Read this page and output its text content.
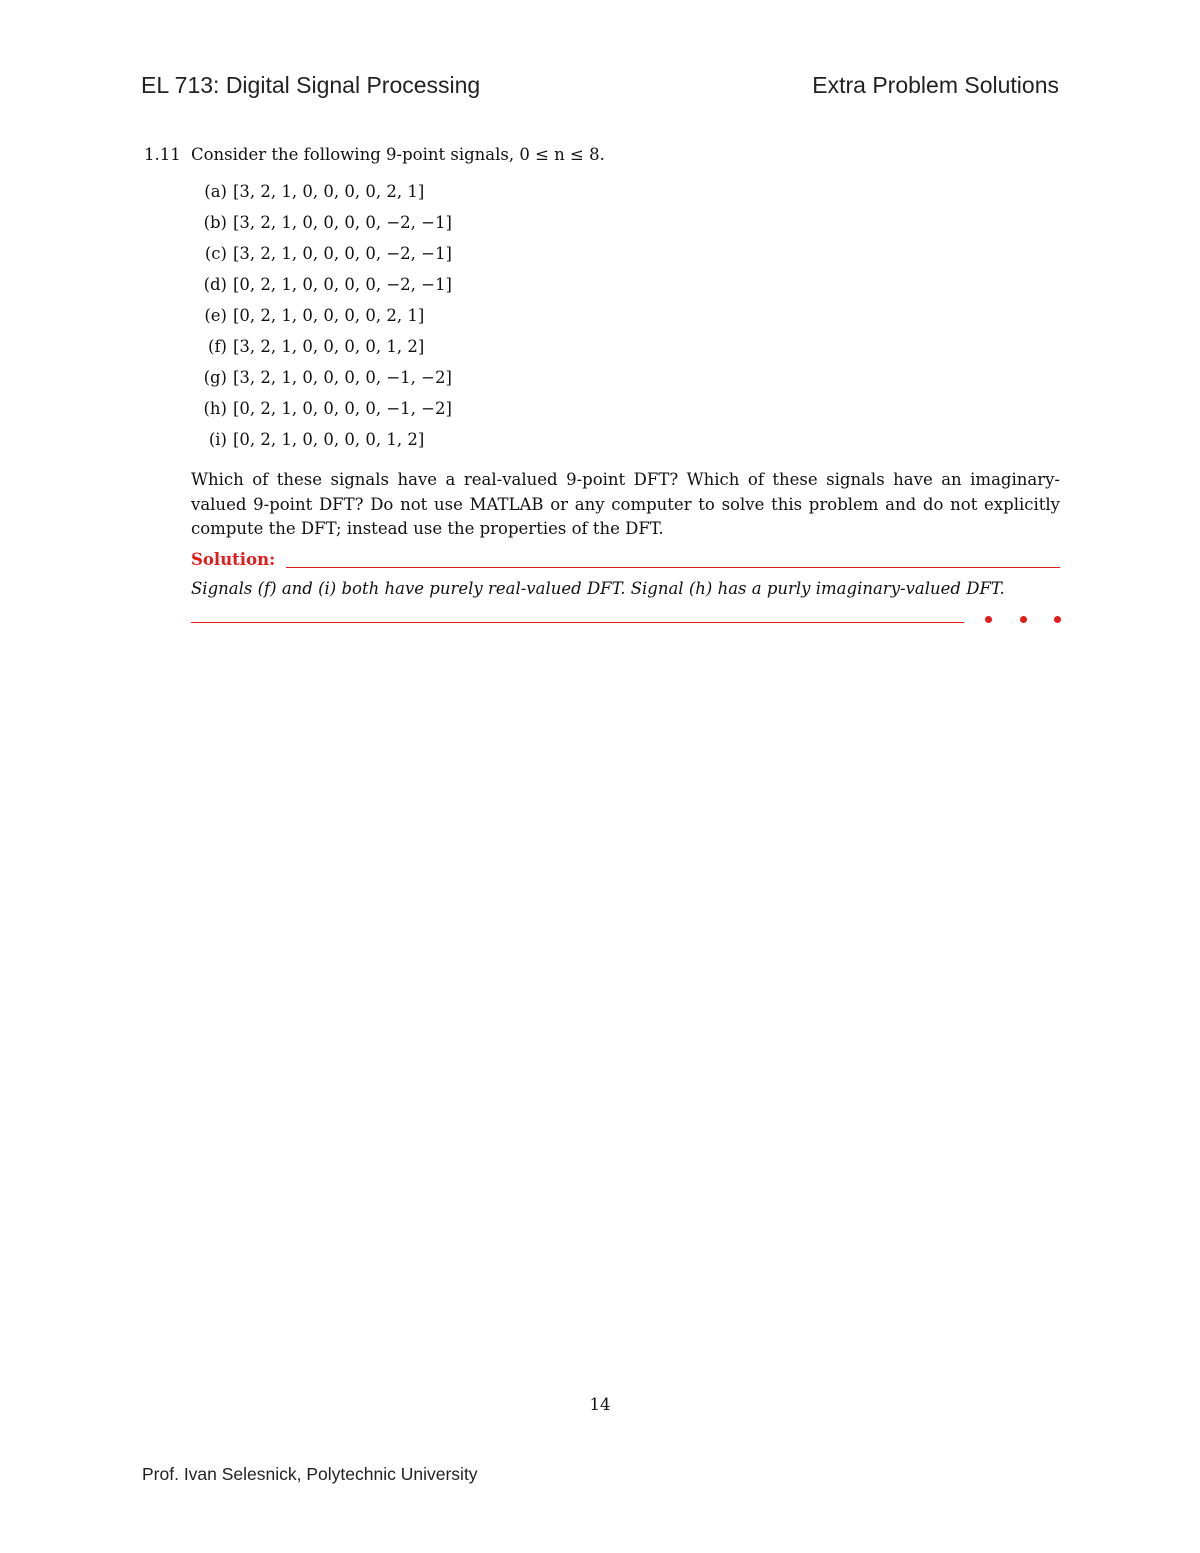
EL 713: Digital Signal Processing	Extra Problem Solutions
1.11 Consider the following 9-point signals, 0 ≤ n ≤ 8.
(a) [3, 2, 1, 0, 0, 0, 0, 2, 1]
(b) [3, 2, 1, 0, 0, 0, 0, −2, −1]
(c) [3, 2, 1, 0, 0, 0, 0, −2, −1]
(d) [0, 2, 1, 0, 0, 0, 0, −2, −1]
(e) [0, 2, 1, 0, 0, 0, 0, 2, 1]
(f) [3, 2, 1, 0, 0, 0, 0, 1, 2]
(g) [3, 2, 1, 0, 0, 0, 0, −1, −2]
(h) [0, 2, 1, 0, 0, 0, 0, −1, −2]
(i) [0, 2, 1, 0, 0, 0, 0, 1, 2]

Which of these signals have a real-valued 9-point DFT? Which of these signals have an imaginary-valued 9-point DFT? Do not use MATLAB or any computer to solve this problem and do not explicitly compute the DFT; instead use the properties of the DFT.

Solution:
Signals (f) and (i) both have purely real-valued DFT. Signal (h) has a purly imaginary-valued DFT.
14
Prof. Ivan Selesnick, Polytechnic University
